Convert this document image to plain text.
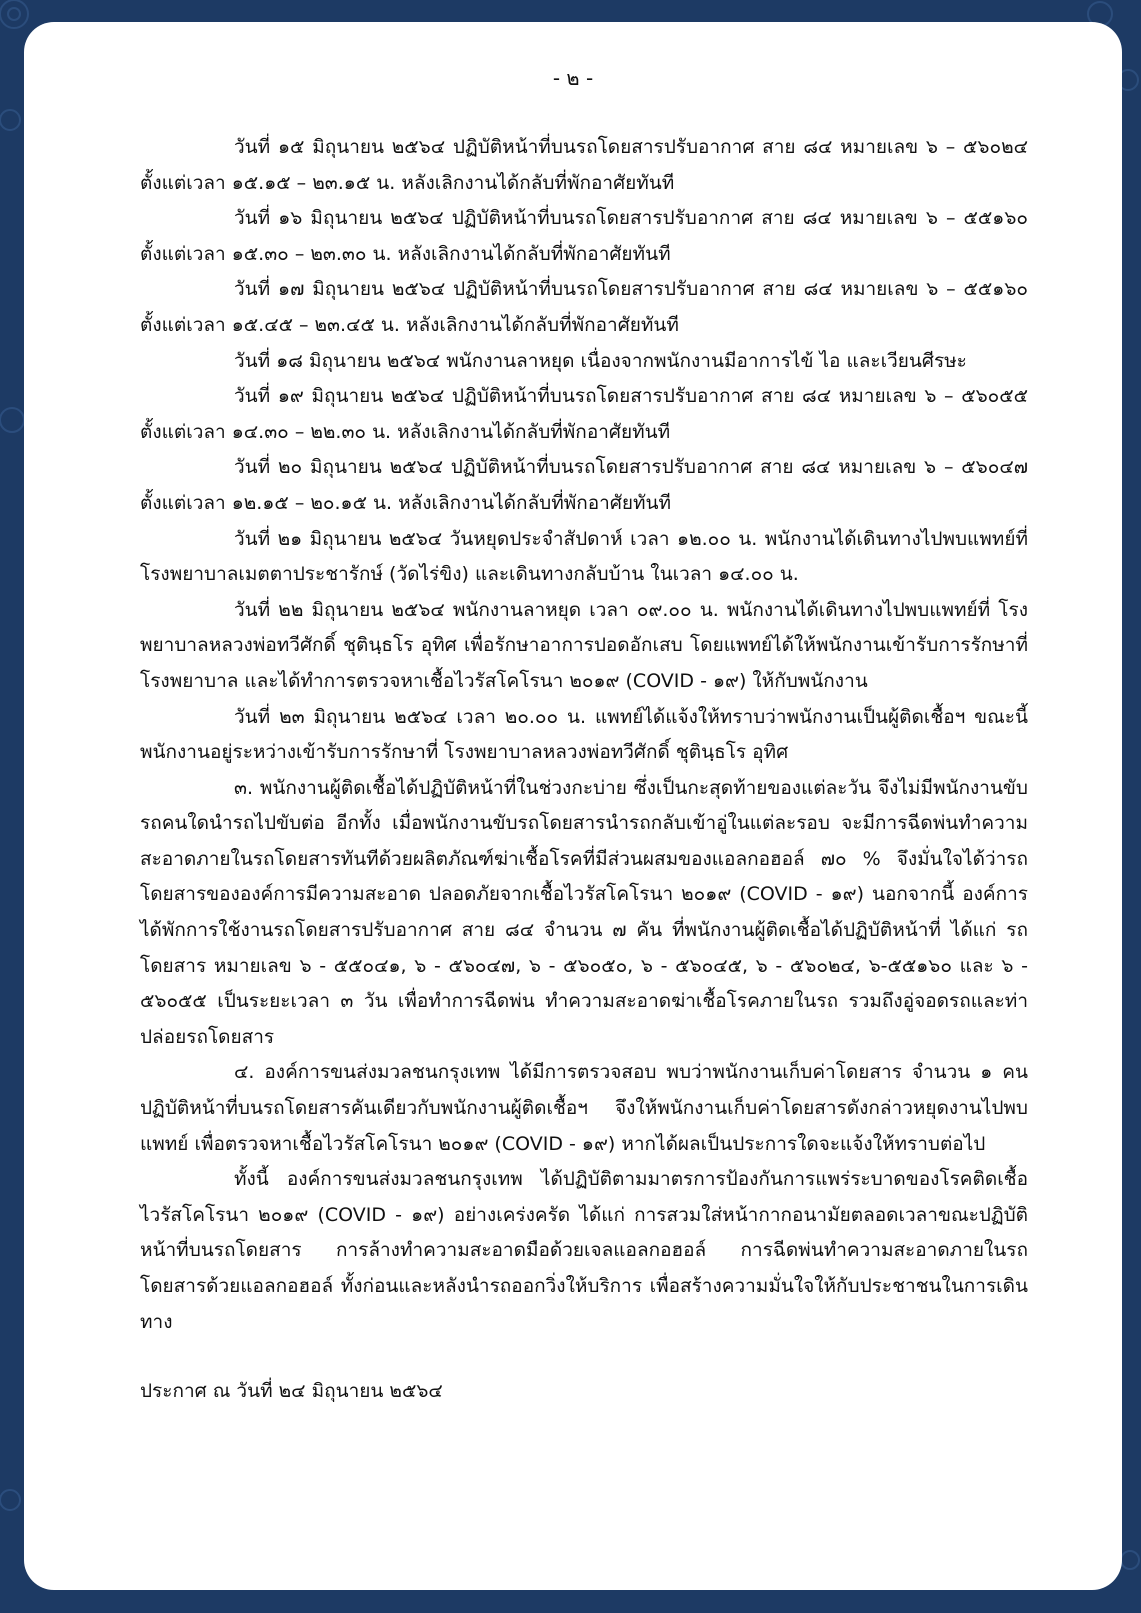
- ๒ -

วันที่ ๑๕ มิถุนายน ๒๕๖๔ ปฏิบัติหน้าที่บนรถโดยสารปรับอากาศ สาย ๘๔ หมายเลข ๖ – ๕๖๐๒๔ ตั้งแต่เวลา ๑๕.๑๕ – ๒๓.๑๕ น. หลังเลิกงานได้กลับที่พักอาศัยทันที

วันที่ ๑๖ มิถุนายน ๒๕๖๔ ปฏิบัติหน้าที่บนรถโดยสารปรับอากาศ สาย ๘๔ หมายเลข ๖ – ๕๕๑๖๐ ตั้งแต่เวลา ๑๕.๓๐ – ๒๓.๓๐ น. หลังเลิกงานได้กลับที่พักอาศัยทันที

วันที่ ๑๗ มิถุนายน ๒๕๖๔ ปฏิบัติหน้าที่บนรถโดยสารปรับอากาศ สาย ๘๔ หมายเลข ๖ – ๕๕๑๖๐ ตั้งแต่เวลา ๑๕.๔๕ – ๒๓.๔๕ น. หลังเลิกงานได้กลับที่พักอาศัยทันที

วันที่ ๑๘ มิถุนายน ๒๕๖๔ พนักงานลาหยุด เนื่องจากพนักงานมีอาการไข้ ไอ และเวียนศีรษะ

วันที่ ๑๙ มิถุนายน ๒๕๖๔ ปฏิบัติหน้าที่บนรถโดยสารปรับอากาศ สาย ๘๔ หมายเลข ๖ – ๕๖๐๕๕ ตั้งแต่เวลา ๑๔.๓๐ – ๒๒.๓๐ น. หลังเลิกงานได้กลับที่พักอาศัยทันที

วันที่ ๒๐ มิถุนายน ๒๕๖๔ ปฏิบัติหน้าที่บนรถโดยสารปรับอากาศ สาย ๘๔ หมายเลข ๖ – ๕๖๐๔๗ ตั้งแต่เวลา ๑๒.๑๕ – ๒๐.๑๕ น. หลังเลิกงานได้กลับที่พักอาศัยทันที

วันที่ ๒๑ มิถุนายน ๒๕๖๔ วันหยุดประจำสัปดาห์ เวลา ๑๒.๐๐ น. พนักงานได้เดินทางไปพบแพทย์ที่ โรงพยาบาลเมตตาประชารักษ์ (วัดไร่ขิง) และเดินทางกลับบ้าน ในเวลา ๑๔.๐๐ น.

วันที่ ๒๒ มิถุนายน ๒๕๖๔ พนักงานลาหยุด เวลา ๐๙.๐๐ น. พนักงานได้เดินทางไปพบแพทย์ที่ โรงพยาบาลหลวงพ่อทวีศักดิ์ ชุตินฺธโร อุทิศ เพื่อรักษาอาการปอดอักเสบ โดยแพทย์ได้ให้พนักงานเข้ารับการรักษาที่โรงพยาบาล และได้ทำการตรวจหาเชื้อไวรัสโคโรนา ๒๐๑๙ (COVID - ๑๙) ให้กับพนักงาน

วันที่ ๒๓ มิถุนายน ๒๕๖๔ เวลา ๒๐.๐๐ น. แพทย์ได้แจ้งให้ทราบว่าพนักงานเป็นผู้ติดเชื้อฯ ขณะนี้พนักงานอยู่ระหว่างเข้ารับการรักษาที่ โรงพยาบาลหลวงพ่อทวีศักดิ์ ชุตินฺธโร อุทิศ

๓. พนักงานผู้ติดเชื้อได้ปฏิบัติหน้าที่ในช่วงกะบ่าย ซึ่งเป็นกะสุดท้ายของแต่ละวัน จึงไม่มีพนักงานขับรถคนใดนำรถไปขับต่อ อีกทั้ง เมื่อพนักงานขับรถโดยสารนำรถกลับเข้าอู่ในแต่ละรอบ จะมีการฉีดพ่นทำความสะอาดภายในรถโดยสารทันทีด้วยผลิตภัณฑ์ฆ่าเชื้อโรคที่มีส่วนผสมของแอลกอฮอล์ ๗๐ % จึงมั่นใจได้ว่ารถโดยสารขององค์การมีความสะอาด ปลอดภัยจากเชื้อไวรัสโคโรนา ๒๐๑๙ (COVID - ๑๙) นอกจากนี้ องค์การได้พักการใช้งานรถโดยสารปรับอากาศ สาย ๘๔ จำนวน ๗ คัน ที่พนักงานผู้ติดเชื้อได้ปฏิบัติหน้าที่ ได้แก่ รถโดยสาร หมายเลข ๖ - ๕๕๐๔๑, ๖ - ๕๖๐๔๗, ๖ - ๕๖๐๕๐, ๖ - ๕๖๐๔๕, ๖ - ๕๖๐๒๔, ๖-๕๕๑๖๐ และ ๖ - ๕๖๐๕๕ เป็นระยะเวลา ๓ วัน เพื่อทำการฉีดพ่น ทำความสะอาดฆ่าเชื้อโรคภายในรถ รวมถึงอู่จอดรถและท่าปล่อยรถโดยสาร

๔. องค์การขนส่งมวลชนกรุงเทพ ได้มีการตรวจสอบ พบว่าพนักงานเก็บค่าโดยสาร จำนวน ๑ คน ปฏิบัติหน้าที่บนรถโดยสารคันเดียวกับพนักงานผู้ติดเชื้อฯ จึงให้พนักงานเก็บค่าโดยสารดังกล่าวหยุดงานไปพบแพทย์ เพื่อตรวจหาเชื้อไวรัสโคโรนา ๒๐๑๙ (COVID - ๑๙) หากได้ผลเป็นประการใดจะแจ้งให้ทราบต่อไป

ทั้งนี้ องค์การขนส่งมวลชนกรุงเทพ ได้ปฏิบัติตามมาตรการป้องกันการแพร่ระบาดของโรคติดเชื้อไวรัสโคโรนา ๒๐๑๙ (COVID - ๑๙) อย่างเคร่งครัด ได้แก่ การสวมใส่หน้ากากอนามัยตลอดเวลาขณะปฏิบัติหน้าที่บนรถโดยสาร การล้างทำความสะอาดมือด้วยเจลแอลกอฮอล์ การฉีดพ่นทำความสะอาดภายในรถโดยสารด้วยแอลกอฮอล์ ทั้งก่อนและหลังนำรถออกวิ่งให้บริการ เพื่อสร้างความมั่นใจให้กับประชาชนในการเดินทาง

ประกาศ ณ วันที่ ๒๔ มิถุนายน ๒๕๖๔
